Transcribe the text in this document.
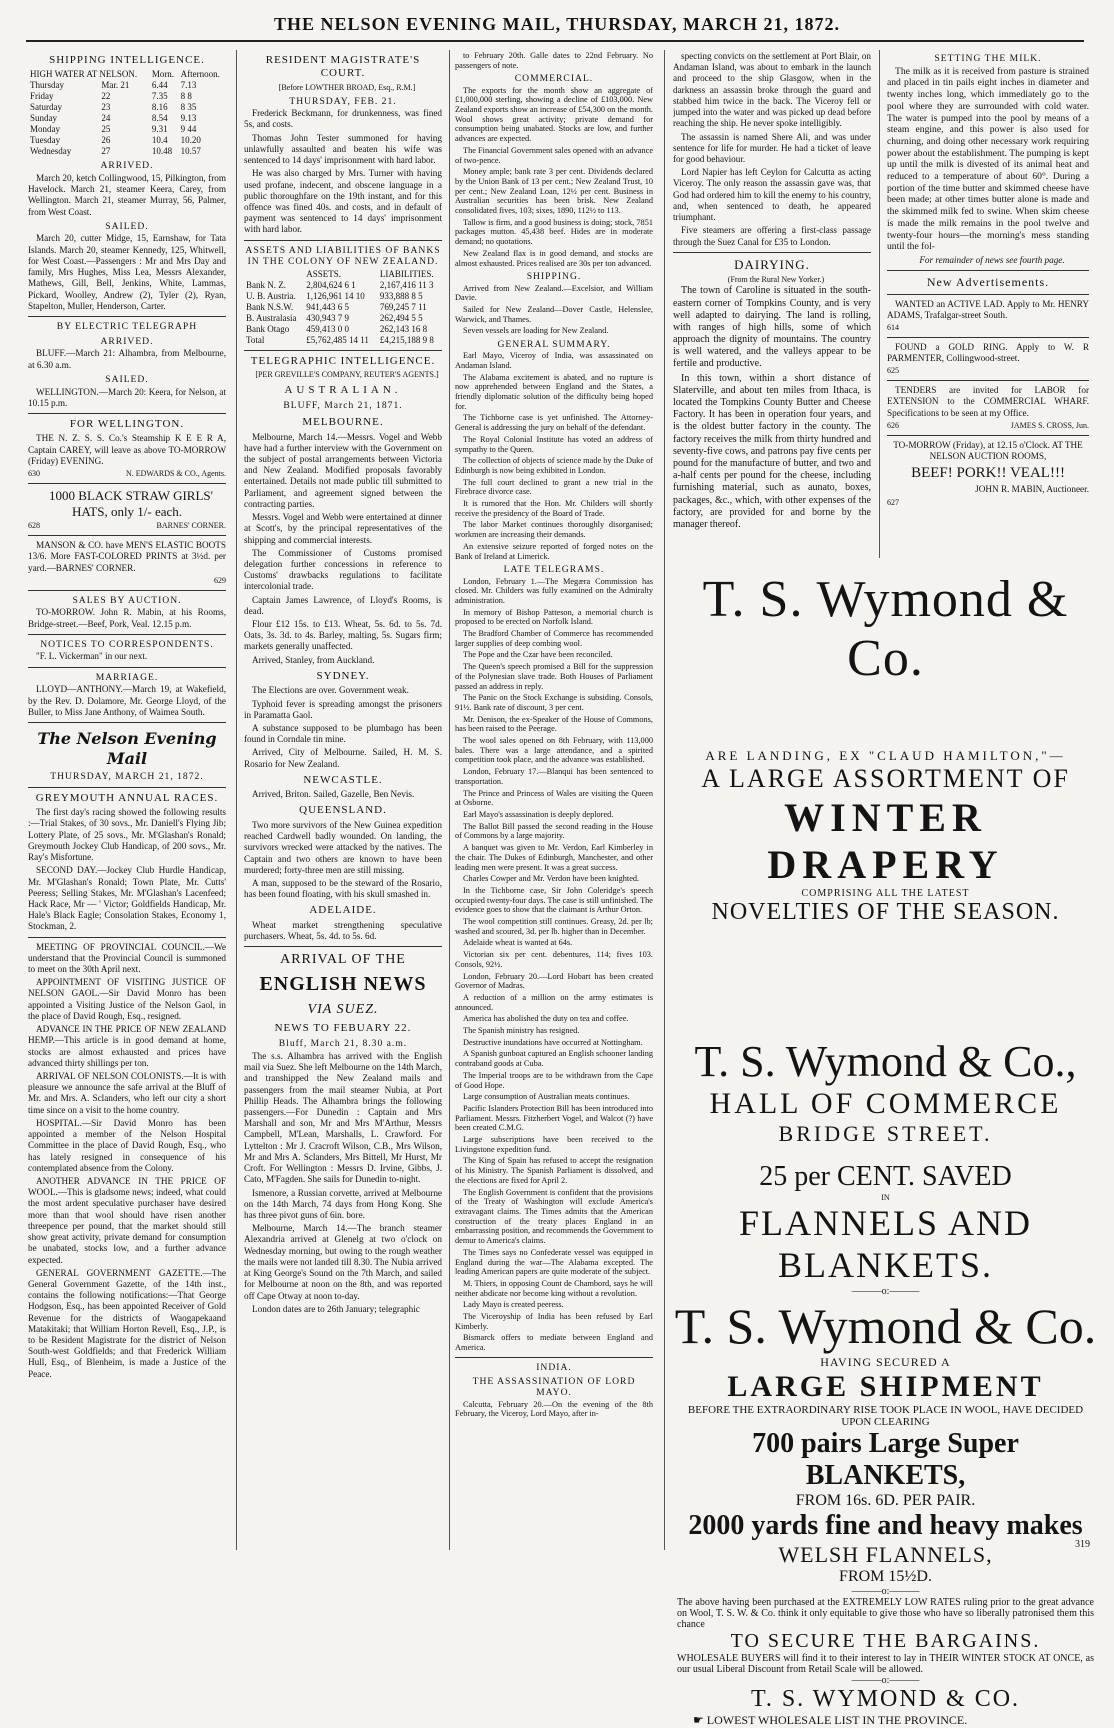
THE NELSON EVENING MAIL, THURSDAY, MARCH 21, 1872.
SHIPPING INTELLIGENCE.
HIGH WATER AT NELSON.		Morn.	Afternoon.
Thursday	Mar. 21	6.44	7.13
Friday	22	7.35	8 8
Saturday	23	8.16	8 35
Sunday	24	8.54	9.13
Monday	25	9.31	9 44
Tuesday	26	10.4	10.20
Wednesday	27	10.48	10.57
ARRIVED.

March 20, ketch Collingwood, 15, Pilkington, from Havelock. March 21, steamer Keera, Carey, from Wellington. March 21, steamer Murray, 56, Palmer, from West Coast.

SAILED.

March 20, cutter Midge, 15, Earnshaw, for Tata Islands. March 20, steamer Kennedy, 125, Whitwell, for West Coast.—Passengers : Mr and Mrs Day and family, Mrs Hughes, Miss Lea, Messrs Alexander, Mathews, Gill, Bell, Jenkins, White, Lammas, Pickard, Woolley, Andrew (2), Tyler (2), Ryan, Stapelton, Muller, Henderson, Carter.

BY ELECTRIC TELEGRAPH
ARRIVED.

BLUFF.—March 21: Alhambra, from Melbourne, at 6.30 a.m.

SAILED.

WELLINGTON.—March 20: Keera, for Nelson, at 10.15 p.m.

FOR WELLINGTON.

THE N. Z. S. S. Co.'s Steamship K E E R A, Captain CAREY, will leave as above TO-MORROW (Friday) EVENING.

630	N. EDWARDS & CO., Agents.

1000 BLACK STRAW GIRLS' HATS, only 1/- each.

628	BARNES' CORNER.

MANSON & CO. have MEN'S ELASTIC BOOTS 13/6. More FAST-COLORED PRINTS at 3½d. per yard.—BARNES' CORNER.

629
SALES BY AUCTION.

TO-MORROW. John R. Mabin, at his Rooms, Bridge-street.—Beef, Pork, Veal. 12.15 p.m.

NOTICES TO CORRESPONDENTS.

"F. L. Vickerman" in our next.

MARRIAGE.

LLOYD—ANTHONY.—March 19, at Wakefield, by the Rev. D. Dolamore, Mr. George Lloyd, of the Buller, to Miss Jane Anthony, of Waimea South.

The Nelson Evening Mail
THURSDAY, MARCH 21, 1872.
GREYMOUTH ANNUAL RACES.

The first day's racing showed the following results :—Trial Stakes, of 30 sovs., Mr. Daniell's Flying Jib; Lottery Plate, of 25 sovs., Mr. M'Glashan's Ronald; Greymouth Jockey Club Handicap, of 200 sovs., Mr. Ray's Misfortune.

SECOND DAY.—Jockey Club Hurdle Handicap, Mr. M'Glashan's Ronald; Town Plate, Mr. Cutts' Peeress; Selling Stakes, Mr. M'Glashan's Lacenfeed; Hack Race, Mr — ' Victor; Goldfields Handicap, Mr. Hale's Black Eagle; Consolation Stakes, Economy 1, Stockman, 2.

MEETING OF PROVINCIAL COUNCIL.—We understand that the Provincial Council is summoned to meet on the 30th April next.

APPOINTMENT OF VISITING JUSTICE OF NELSON GAOL.—Sir David Monro has been appointed a Visiting Justice of the Nelson Gaol, in the place of David Rough, Esq., resigned.

ADVANCE IN THE PRICE OF NEW ZEALAND HEMP.—This article is in good demand at home, stocks are almost exhausted and prices have advanced thirty shillings per ton.

ARRIVAL OF NELSON COLONISTS.—It is with pleasure we announce the safe arrival at the Bluff of Mr. and Mrs. A. Sclanders, who left our city a short time since on a visit to the home country.

HOSPITAL.—Sir David Monro has been appointed a member of the Nelson Hospital Committee in the place of David Rough, Esq., who has lately resigned in consequence of his contemplated absence from the Colony.

ANOTHER ADVANCE IN THE PRICE OF WOOL.—This is gladsome news; indeed, what could the most ardent speculative purchaser have desired more than that wool should have risen another threepence per pound, that the market should still show great activity, private demand for consumption be unabated, stocks low, and a further advance expected.

GENERAL GOVERNMENT GAZETTE.—The General Government Gazette, of the 14th inst., contains the following notifications:—That George Hodgson, Esq., has been appointed Receiver of Gold Revenue for the districts of Waogapekaand Matakitaki; that William Horton Revell, Esq., J.P., is to be Resident Magistrate for the district of Nelson South-west Goldfields; and that Frederick William Hull, Esq., of Blenheim, is made a Justice of the Peace.

RESIDENT MAGISTRATE'S COURT.

[Before LOWTHER BROAD, Esq., R.M.]

THURSDAY, FEB. 21.

Frederick Beckmann, for drunkenness, was fined 5s, and costs.

Thomas John Tester summoned for having unlawfully assaulted and beaten his wife was sentenced to 14 days' imprisonment with hard labor.

He was also charged by Mrs. Turner with having used profane, indecent, and obscene language in a public thoroughfare on the 19th instant, and for this offence was fined 40s. and costs, and in default of payment was sentenced to 14 days' imprisonment with hard labor.

ASSETS AND LIABILITIES OF BANKS IN THE COLONY OF NEW ZEALAND.
	ASSETS.	LIABILITIES.
Bank N. Z.	2,804,624 6 1	2,167,416 11 3
U. B. Austria.	1,126,961 14 10	933,888 8 5
Bank N.S.W.	941,443 6 5	769,245 7 11
B. Australasia	430,943 7 9	262,494 5 5
Bank Otago	459,413 0 0	262,143 16 8
Total	£5,762,485 14 11	£4,215,188 9 8
TELEGRAPHIC INTELLIGENCE.

[PER GREVILLE'S COMPANY, REUTER'S AGENTS.]

AUSTRALIAN.
BLUFF, March 21, 1871.
MELBOURNE.

Melbourne, March 14.—Messrs. Vogel and Webb have had a further interview with the Government on the subject of postal arrangements between Victoria and New Zealand. Modified proposals favorably entertained. Details not made public till submitted to Parliament, and agreement signed between the contracting parties.

Messrs. Vogel and Webb were entertained at dinner at Scott's, by the principal representatives of the shipping and commercial interests.

The Commissioner of Customs promised delegation further concessions in reference to Customs' drawbacks regulations to facilitate intercolonial trade.

Captain James Lawrence, of Lloyd's Rooms, is dead.

Flour £12 15s. to £13. Wheat, 5s. 6d. to 5s. 7d. Oats, 3s. 3d. to 4s. Barley, malting, 5s. Sugars firm; markets generally unaffected.

Arrived, Stanley, from Auckland.

SYDNEY.

The Elections are over. Government weak.

Typhoid fever is spreading amongst the prisoners in Paramatta Gaol.

A substance supposed to be plumbago has been found in Corndale tin mine.

Arrived, City of Melbourne. Sailed, H. M. S. Rosario for New Zealand.

NEWCASTLE.

Arrived, Briton. Sailed, Gazelle, Ben Nevis.

QUEENSLAND.

Two more survivors of the New Guinea expedition reached Cardwell badly wounded. On landing, the survivors wrecked were attacked by the natives. The Captain and two others are known to have been murdered; forty-three men are still missing.

A man, supposed to be the steward of the Rosario, has been found floating, with his skull smashed in.

ADELAIDE.

Wheat market strengthening speculative purchasers. Wheat, 5s. 4d. to 5s. 6d.

ARRIVAL OF THE
ENGLISH NEWS
VIA SUEZ.
NEWS TO FEBUARY 22.
Bluff, March 21, 8.30 a.m.

The s.s. Alhambra has arrived with the English mail via Suez. She left Melbourne on the 14th March, and transhipped the New Zealand mails and passengers from the mail steamer Nubia, at Port Phillip Heads. The Alhambra brings the following passengers.—For Dunedin : Captain and Mrs Marshall and son, Mr and Mrs M'Arthur, Messrs Campbell, M'Lean, Marshalls, L. Crawford. For Lyttelton : Mr J. Cracroft Wilson, C.B., Mrs Wilson, Mr and Mrs A. Sclanders, Mrs Bittell, Mr Hurst, Mr Croft. For Wellington : Messrs D. Irvine, Gibbs, J. Cato, M'Fagden. She sails for Dunedin to-night.

Ismenore, a Russian corvette, arrived at Melbourne on the 14th March, 74 days from Hong Kong. She has three pivot guns of 6in. bore.

Melbourne, March 14.—The branch steamer Alexandria arrived at Glenelg at two o'clock on Wednesday morning, but owing to the rough weather the mails were not landed till 8.30. The Nubia arrived at King George's Sound on the 7th March, and sailed for Melbourne at noon on the 8th, and was reported off Cape Otway at noon to-day.

London dates are to 26th January; telegraphic

to February 20th. Galle dates to 22nd February. No passengers of note.

COMMERCIAL.

The exports for the month show an aggregate of £1,000,000 sterling, showing a decline of £103,000. New Zealand exports show an increase of £54,300 on the month. Wool shows great activity; private demand for consumption being unabated. Stocks are low, and further advances are expected.

The Financial Government sales opened with an advance of two-pence.

Money ample; bank rate 3 per cent. Dividends declared by the Union Bank of 13 per cent.; New Zealand Trust, 10 per cent.; New Zealand Loan, 12½ per cent. Business in Australian securities has been brisk. New Zealand consolidated fives, 103; sixes, 1890, 112½ to 113.

Tallow is firm, and a good business is doing; stock, 7851 packages mutton. 45,438 beef. Hides are in moderate demand; no quotations.

New Zealand flax is in good demand, and stocks are almost exhausted. Prices realised are 30s per ton advanced.

SHIPPING.

Arrived from New Zealand.—Excelsior, and William Davie.

Sailed for New Zealand—Dover Castle, Helenslee, Warwick, and Thames.

Seven vessels are loading for New Zealand.

GENERAL SUMMARY.

Earl Mayo, Viceroy of India, was assassinated on Andaman Island.

The Alabama excitement is abated, and no rupture is now apprehended between England and the States, a friendly diplomatic solution of the difficulty being hoped for.

The Tichborne case is yet unfinished. The Attorney-General is addressing the jury on behalf of the defendant.

The Royal Colonial Institute has voted an address of sympathy to the Queen.

The collection of objects of science made by the Duke of Edinburgh is now being exhibited in London.

The full court declined to grant a new trial in the Firebrace divorce case.

It is rumored that the Hon. Mr. Childers will shortly receive the presidency of the Board of Trade.

The labor Market continues thoroughly disorganised; workmen are increasing their demands.

An extensive seizure reported of forged notes on the Bank of Ireland at Limerick.

LATE TELEGRAMS.

London, February 1.—The Megæra Commission has closed. Mr. Childers was fully examined on the Admiralty administration.

In memory of Bishop Patteson, a memorial church is proposed to be erected on Norfolk Island.

The Bradford Chamber of Commerce has recommended larger supplies of deep combing wool.

The Pope and the Czar have been reconciled.

The Queen's speech promised a Bill for the suppression of the Polynesian slave trade. Both Houses of Parliament passed an address in reply.

The Panic on the Stock Exchange is subsiding. Consols, 91½. Bank rate of discount, 3 per cent.

Mr. Denison, the ex-Speaker of the House of Commons, has been raised to the Peerage.

The wool sales opened on 8th February, with 113,000 bales. There was a large attendance, and a spirited competition took place, and the advance was established.

London, February 17.—Blanqui has been sentenced to transportation.

The Prince and Princess of Wales are visiting the Queen at Osborne.

Earl Mayo's assassination is deeply deplored.

The Ballot Bill passed the second reading in the House of Commons by a large majority.

A banquet was given to Mr. Verdon, Earl Kimberley in the chair. The Dukes of Edinburgh, Manchester, and other leading men were present. It was a great success.

Charles Cowper and Mr. Verdon have been knighted.

In the Tichborne case, Sir John Coleridge's speech occupied twenty-four days. The case is still unfinished. The evidence goes to show that the claimant is Arthur Orton.

The wool competition still continues. Greasy, 2d. per lb; washed and scoured, 3d. per lb. higher than in December.

Adelaide wheat is wanted at 64s.

Victorian six per cent. debentures, 114; fives 103. Consols, 92½.

London, February 20.—Lord Hobart has been created Governor of Madras.

A reduction of a million on the army estimates is announced.

America has abolished the duty on tea and coffee.

The Spanish ministry has resigned.

Destructive inundations have occurred at Nottingham.

A Spanish gunboat captured an English schooner landing contraband goods at Cuba.

The Imperial troops are to be withdrawn from the Cape of Good Hope.

Large consumption of Australian meats continues.

Pacific Islanders Protection Bill has been introduced into Parliament. Messrs. Fitzherbert Vogel, and Walcot (?) have been created C.M.G.

Large subscriptions have been received to the Livingstone expedition fund.

The King of Spain has refused to accept the resignation of his Ministry. The Spanish Parliament is dissolved, and the elections are fixed for April 2.

The English Government is confident that the provisions of the Treaty of Washington will exclude America's extravagant claims. The Times admits that the American construction of the treaty places England in an embarrassing position, and recommends the Government to demur to America's claims.

The Times says no Confederate vessel was equipped in England during the war—The Alabama excepted. The leading American papers are quite moderate of the subject.

M. Thiers, in opposing Count de Chambord, says he will neither abdicate nor become king without a revolution.

Lady Mayo is created peeress.

The Viceroyship of India has been refused by Earl Kimberly.

Bismarck offers to mediate between England and America.

INDIA.
THE ASSASSINATION OF LORD MAYO.

Calcutta, February 20.—On the evening of the 8th February, the Viceroy, Lord Mayo, after in-

specting convicts on the settlement at Port Blair, on Andaman Island, was about to embark in the launch and proceed to the ship Glasgow, when in the darkness an assassin broke through the guard and stabbed him twice in the back. The Viceroy fell or jumped into the water and was picked up dead before reaching the ship. He never spoke intelligibly.

The assassin is named Shere Ali, and was under sentence for life for murder. He had a ticket of leave for good behaviour.

Lord Napier has left Ceylon for Calcutta as acting Viceroy. The only reason the assassin gave was, that God had ordered him to kill the enemy to his country, and, when sentenced to death, he appeared triumphant.

Five steamers are offering a first-class passage through the Suez Canal for £35 to London.

DAIRYING.

(From the Rural New Yorker.)

The town of Caroline is situated in the south-eastern corner of Tompkins County, and is very well adapted to dairying. The land is rolling, with ranges of high hills, some of which approach the dignity of mountains. The country is well watered, and the valleys appear to be fertile and productive.

In this town, within a short distance of Slaterville, and about ten miles from Ithaca, is located the Tompkins County Butter and Cheese Factory. It has been in operation four years, and is the oldest butter factory in the county. The factory receives the milk from thirty hundred and seventy-five cows, and patrons pay five cents per pound for the manufacture of butter, and two and a-half cents per pound for the cheese, including furnishing material, such as aunato, boxes, packages, &c., which, with other expenses of the factory, are provided for and borne by the manager thereof.

SETTING THE MILK.

The milk as it is received from pasture is strained and placed in tin pails eight inches in diameter and twenty inches long, which immediately go to the pool where they are surrounded with cold water. The water is pumped into the pool by means of a steam engine, and this power is also used for churning, and doing other necessary work requiring power about the establishment. The pumping is kept up until the milk is divested of its animal heat and reduced to a temperature of about 60°. During a portion of the time butter and skimmed cheese have been made; at other times butter alone is made and the skimmed milk fed to swine. When skim cheese is made the milk remains in the pool twelve and twenty-four hours—the morning's mess standing until the fol-

For remainder of news see fourth page.

New Advertisements.

WANTED an ACTIVE LAD. Apply to Mr. HENRY ADAMS, Trafalgar-street South.

614

FOUND a GOLD RING. Apply to W. R PARMENTER, Collingwood-street.

625

TENDERS are invited for LABOR for EXTENSION to the COMMERCIAL WHARF. Specifications to be seen at my Office.

626	JAMES S. CROSS, Jun.

TO-MORROW (Friday), at 12.15 o'Clock. AT THE NELSON AUCTION ROOMS,

BEEF! PORK!! VEAL!!!

JOHN R. MABIN, Auctioneer.

627
T. S. Wymond & Co.
ARE LANDING, EX "CLAUD HAMILTON,"—
A LARGE ASSORTMENT OF
WINTER DRAPERY
COMPRISING ALL THE LATEST
NOVELTIES OF THE SEASON.
T. S. Wymond & Co.,
HALL OF COMMERCE
BRIDGE STREET.
25 per CENT. SAVED
IN
FLANNELS AND BLANKETS.
———o:———
T. S. Wymond & Co.
HAVING SECURED A
LARGE SHIPMENT
BEFORE THE EXTRAORDINARY RISE TOOK PLACE IN WOOL, HAVE DECIDED UPON CLEARING
700 pairs Large Super BLANKETS,
FROM 16s. 6D. PER PAIR.
2000 yards fine and heavy makes
WELSH FLANNELS,
FROM 15½D.
———o:———
The above having been purchased at the EXTREMELY LOW RATES ruling prior to the great advance on Wool, T. S. W. & Co. think it only equitable to give those who have so liberally patronised them this chance
TO SECURE THE BARGAINS.
WHOLESALE BUYERS will find it to their interest to lay in THEIR WINTER STOCK AT ONCE, as our usual Liberal Discount from Retail Scale will be allowed.
———o:———
T. S. WYMOND & CO.
☛ LOWEST WHOLESALE LIST IN THE PROVINCE.
319
